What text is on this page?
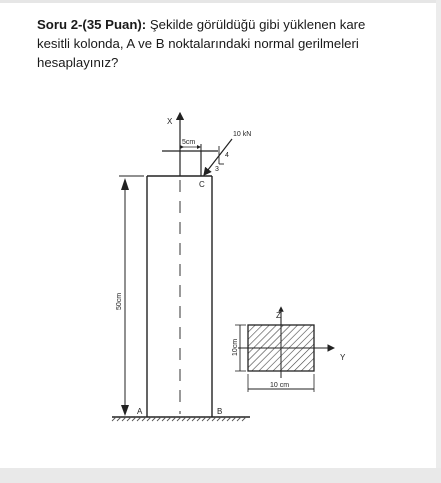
Soru 2-(35 Puan): Şekilde görüldüğü gibi yüklenen kare kesitli kolonda, A ve B noktalarındaki normal gerilmeleri hesaplayınız?
X
5cm
10 kN
4
3
C
50cm
A	B
Z
Y
10cm
10 cm
